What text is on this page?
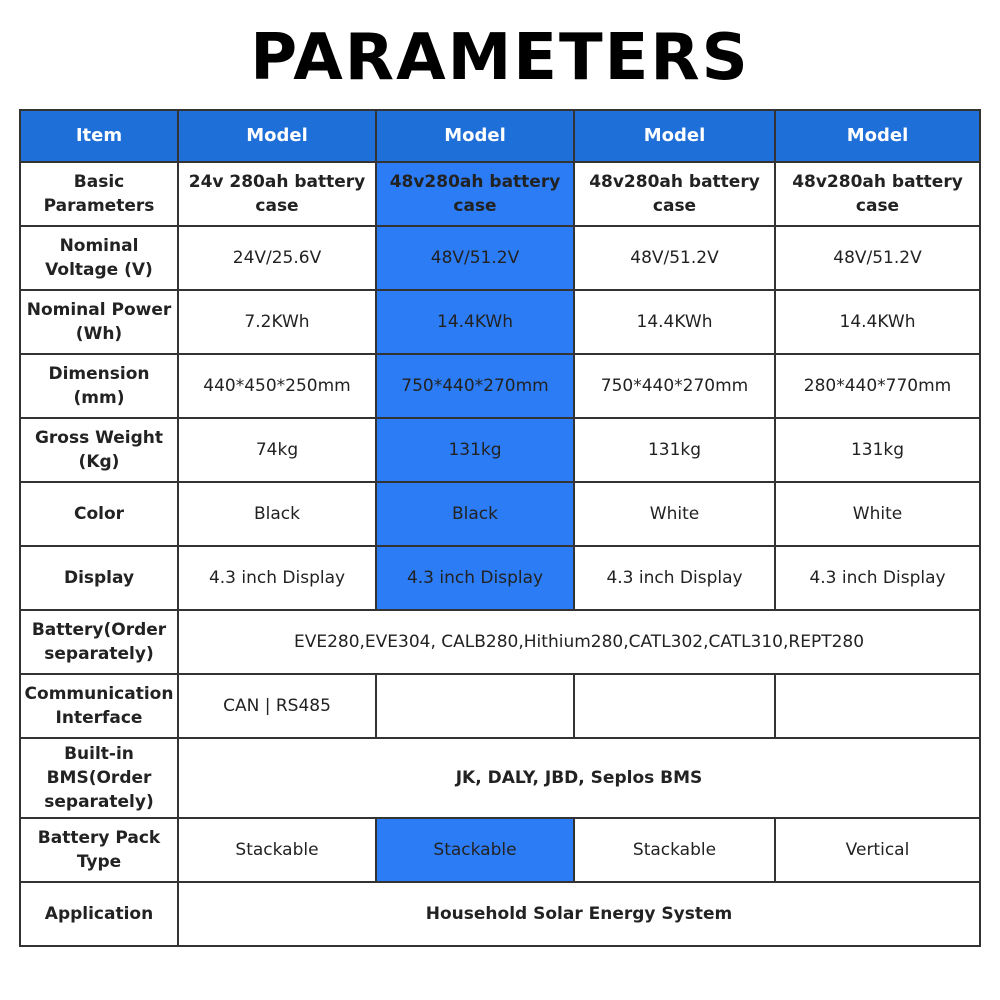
PARAMETERS
Item	Model	Model	Model	Model
Basic Parameters	24v 280ah battery case	48v280ah battery case	48v280ah battery case	48v280ah battery case
Nominal Voltage (V)	24V/25.6V	48V/51.2V	48V/51.2V	48V/51.2V
Nominal Power (Wh)	7.2KWh	14.4KWh	14.4KWh	14.4KWh
Dimension (mm)	440*450*250mm	750*440*270mm	750*440*270mm	280*440*770mm
Gross Weight (Kg)	74kg	131kg	131kg	131kg
Color	Black	Black	White	White
Display	4.3 inch Display	4.3 inch Display	4.3 inch Display	4.3 inch Display
Battery(Order separately)	EVE280,EVE304, CALB280,Hithium280,CATL302,CATL310,REPT280			
Communication Interface	CAN | RS485			
Built-in BMS(Order separately)	JK, DALY, JBD, Seplos BMS			
Battery Pack Type	Stackable	Stackable	Stackable	Vertical
Application	Household Solar Energy System			
